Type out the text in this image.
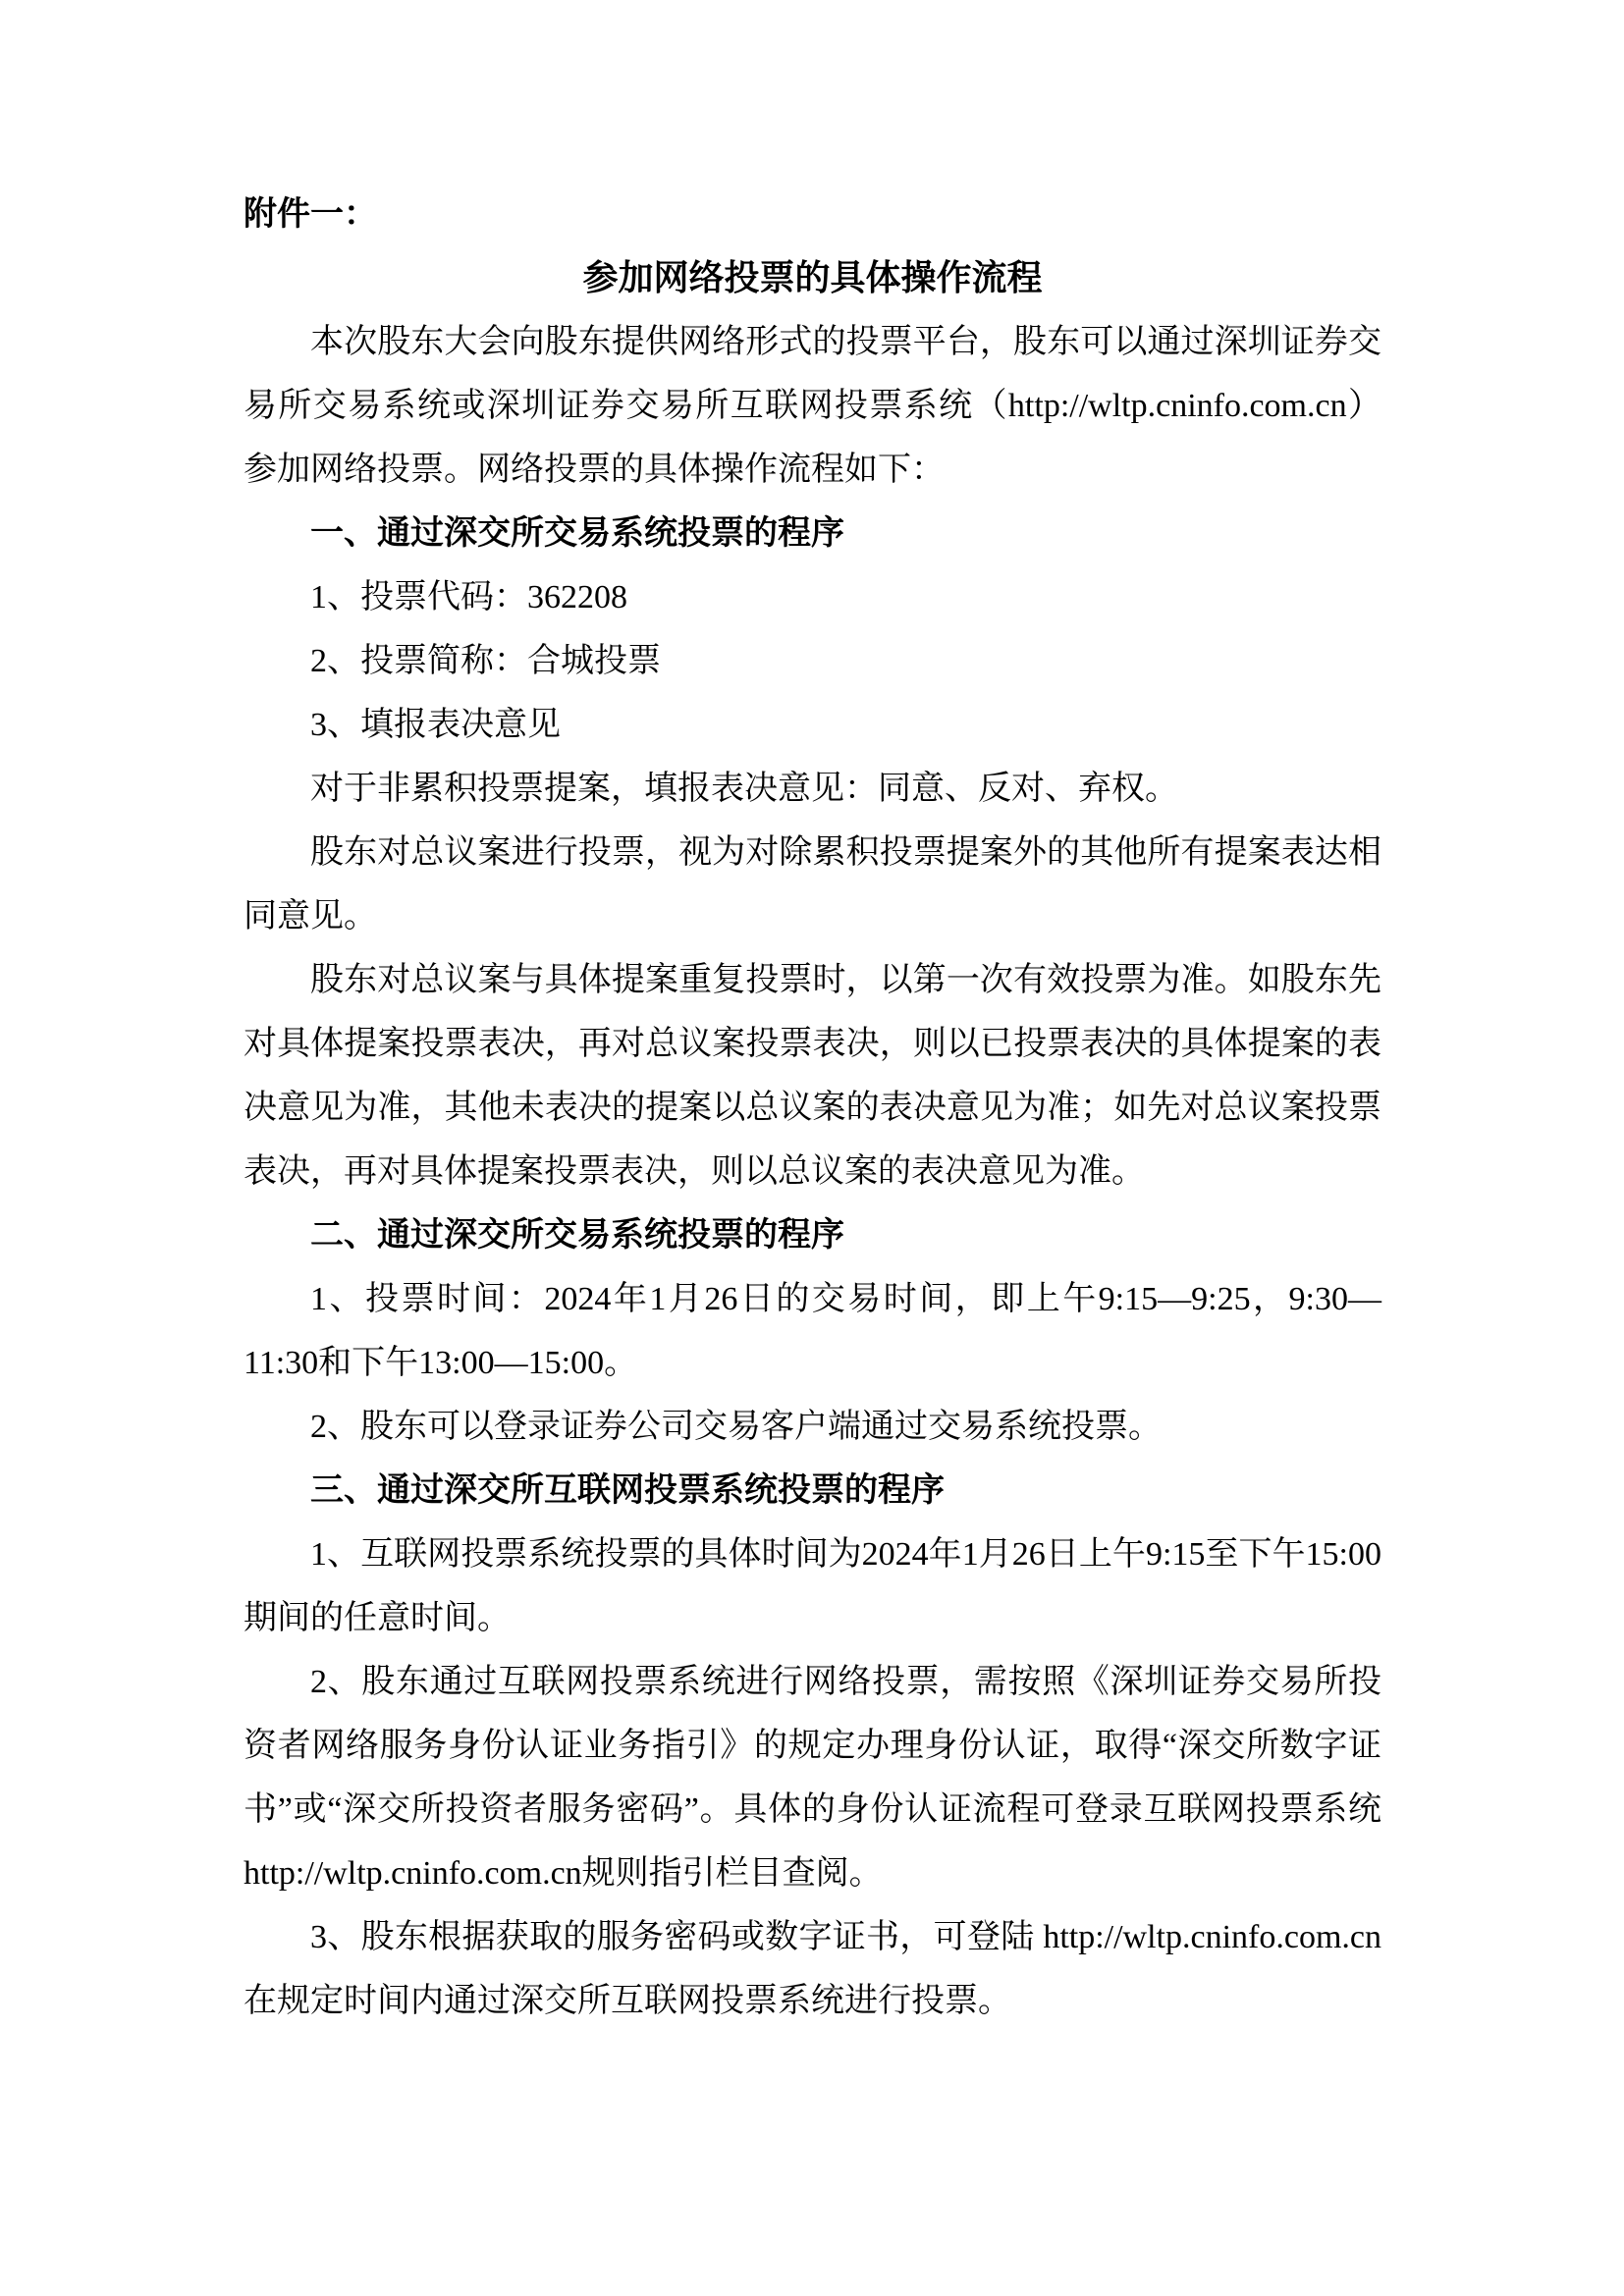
附件一：

参加网络投票的具体操作流程

本次股东大会向股东提供网络形式的投票平台，股东可以通过深圳证券交易所交易系统或深圳证券交易所互联网投票系统（http://wltp.cninfo.com.cn）参加网络投票。网络投票的具体操作流程如下：

一、通过深交所交易系统投票的程序

1、投票代码：362208

2、投票简称：合城投票

3、填报表决意见

对于非累积投票提案，填报表决意见：同意、反对、弃权。

股东对总议案进行投票，视为对除累积投票提案外的其他所有提案表达相同意见。

股东对总议案与具体提案重复投票时，以第一次有效投票为准。如股东先对具体提案投票表决，再对总议案投票表决，则以已投票表决的具体提案的表决意见为准，其他未表决的提案以总议案的表决意见为准；如先对总议案投票表决，再对具体提案投票表决，则以总议案的表决意见为准。

二、通过深交所交易系统投票的程序

1、投票时间：2024年1月26日的交易时间，即上午9:15—9:25，9:30—11:30和下午13:00—15:00。

2、股东可以登录证券公司交易客户端通过交易系统投票。

三、通过深交所互联网投票系统投票的程序

1、互联网投票系统投票的具体时间为2024年1月26日上午9:15至下午15:00期间的任意时间。

2、股东通过互联网投票系统进行网络投票，需按照《深圳证券交易所投资者网络服务身份认证业务指引》的规定办理身份认证，取得“深交所数字证书”或“深交所投资者服务密码”。具体的身份认证流程可登录互联网投票系统http://wltp.cninfo.com.cn规则指引栏目查阅。

3、股东根据获取的服务密码或数字证书，可登陆 http://wltp.cninfo.com.cn在规定时间内通过深交所互联网投票系统进行投票。
